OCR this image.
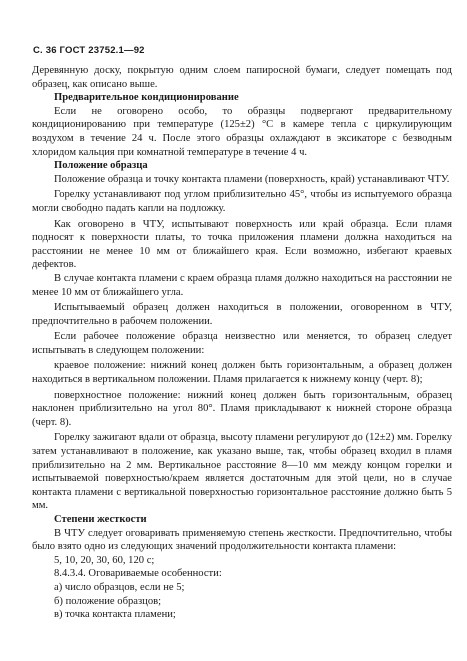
С. 36 ГОСТ 23752.1—92

Деревянную доску, покрытую одним слоем папиросной бумаги, следует помещать под образец, как описано выше.

Предварительное кондиционирование

Если не оговорено особо, то образцы подвергают предварительному кондиционированию при температуре (125±2) °С в камере тепла с циркулирующим воздухом в течение 24 ч. После этого образцы охлаждают в эксикаторе с безводным хлоридом кальция при комнатной температуре в течение 4 ч.

Положение образца

Положение образца и точку контакта пламени (поверхность, край) устанавливают ЧТУ.

Горелку устанавливают под углом приблизительно 45°, чтобы из испытуемого образца могли свободно падать капли на подложку.

Как оговорено в ЧТУ, испытывают поверхность или край образца. Если пламя подносят к поверхности платы, то точка приложения пламени должна находиться на расстоянии не менее 10 мм от ближайшего края. Если возможно, избегают краевых дефектов.

В случае контакта пламени с краем образца пламя должно находиться на расстоянии не менее 10 мм от ближайшего угла.

Испытываемый образец должен находиться в положении, оговоренном в ЧТУ, предпочтительно в рабочем положении.

Если рабочее положение образца неизвестно или меняется, то образец следует испытывать в следующем положении:

краевое положение: нижний конец должен быть горизонтальным, а образец должен находиться в вертикальном положении. Пламя прилагается к нижнему концу (черт. 8);

поверхностное положение: нижний конец должен быть горизонтальным, образец наклонен приблизительно на угол 80°. Пламя прикладывают к нижней стороне образца (черт. 8).

Горелку зажигают вдали от образца, высоту пламени регулируют до (12±2) мм. Горелку затем устанавливают в положение, как указано выше, так, чтобы образец входил в пламя приблизительно на 2 мм. Вертикальное расстояние 8—10 мм между концом горелки и испытываемой поверхностью/краем является достаточным для этой цели, но в случае контакта пламени с вертикальной поверхностью горизонтальное расстояние должно быть 5 мм.

Степени жесткости

В ЧТУ следует оговаривать применяемую степень жесткости. Предпочтительно, чтобы было взято одно из следующих значений продолжительности контакта пламени:

5, 10, 20, 30, 60, 120 с;

8.4.3.4. Оговариваемые особенности:

а) число образцов, если не 5;

б) положение образцов;

в) точка контакта пламени;
